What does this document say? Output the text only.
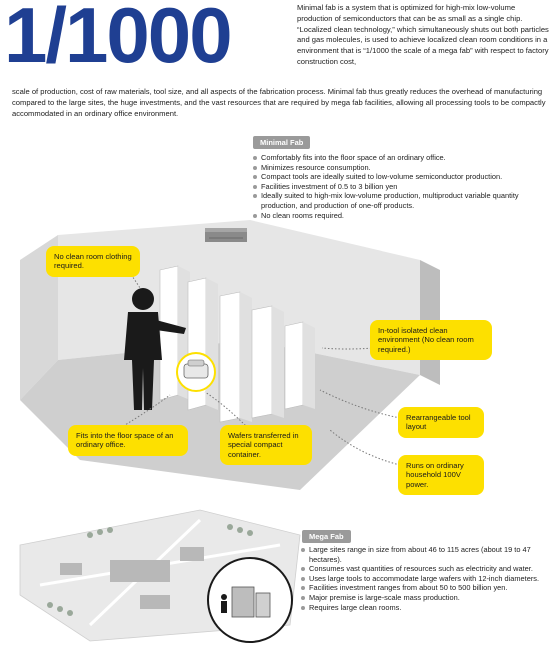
1/1000	Minimal fab is a system that is optimized for high-mix low-volume production of semiconductors that can be as small as a single chip. “Localized clean technology,” which simultaneously shuts out both particles and gas molecules, is used to achieve localized clean room conditions in a environment that is “1/1000 the scale of a mega fab” with respect to factory construction cost,

scale of production, cost of raw materials, tool size, and all aspects of the fabrication process. Minimal fab thus greatly reduces the overhead of manufacturing compared to the large sites, the huge investments, and the vast resources that are required by mega fab facilities, allowing all processing tools to be compactly accommodated in an ordinary office environment.

Minimal Fab
Comfortably fits into the floor space of an ordinary office.
Minimizes resource consumption.
Compact tools are ideally suited to low-volume semiconductor production.
Facilities investment of 0.5 to 3 billion yen
Ideally suited to high-mix low-volume production, multiproduct variable quantity production, and production of one-off products.
No clean rooms required.
No clean room clothing required.
In-tool isolated clean environment (No clean room required.)
Rearrangeable tool layout
Runs on ordinary household 100V power.
Fits into the floor space of an ordinary office.
Wafers transferred in special compact container.
Mega Fab
Large sites range in size from about 46 to 115 acres (about 19 to 47 hectares).
Consumes vast quantities of resources such as electricity and water.
Uses large tools to accommodate large wafers with 12-inch diameters.
Facilities investment ranges from about 50 to 500 billion yen.
Major premise is large-scale mass production.
Requires large clean rooms.
